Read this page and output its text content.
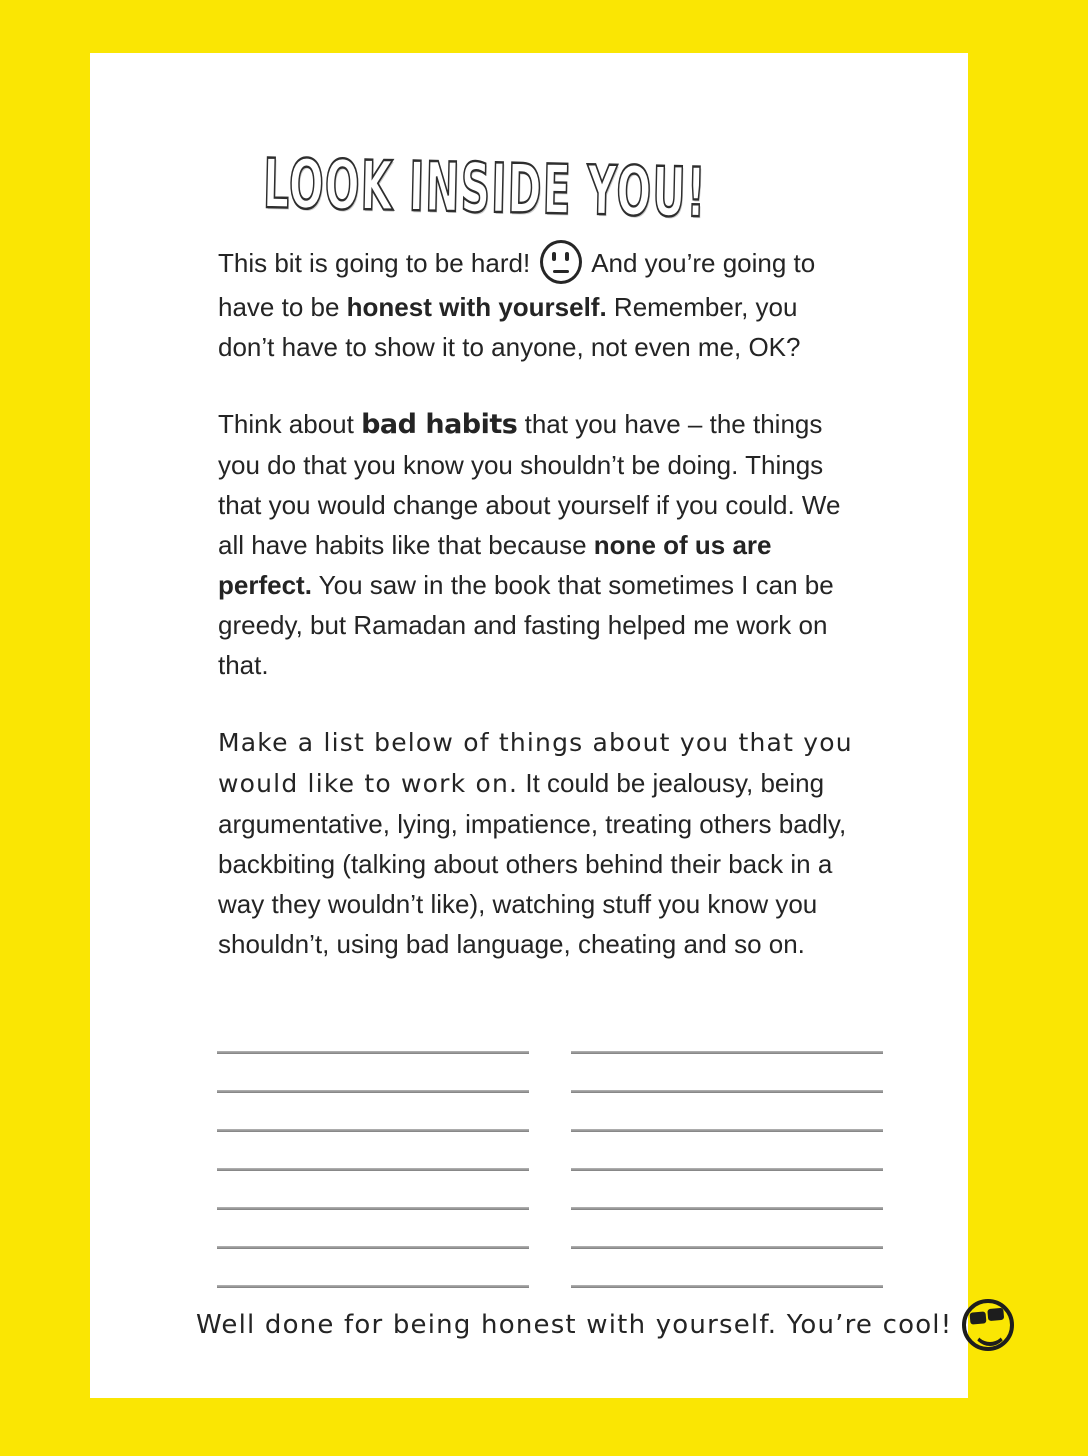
LOOK INSIDE YOU!

This bit is going to be hard!  And you’re going to have to be honest with yourself. Remember, you don’t have to show it to anyone, not even me, OK?

Think about bad habits that you have – the things you do that you know you shouldn’t be doing. Things that you would change about yourself if you could. We all have habits like that because none of us are perfect. You saw in the book that sometimes I can be greedy, but Ramadan and fasting helped me work on that.

Make a list below of things about you that you would like to work on. It could be jealousy, being argumentative, lying, impatience, treating others badly, backbiting (talking about others behind their back in a way they wouldn’t like), watching stuff you know you shouldn’t, using bad language, cheating and so on.

Well done for being honest with yourself. You’re cool!
